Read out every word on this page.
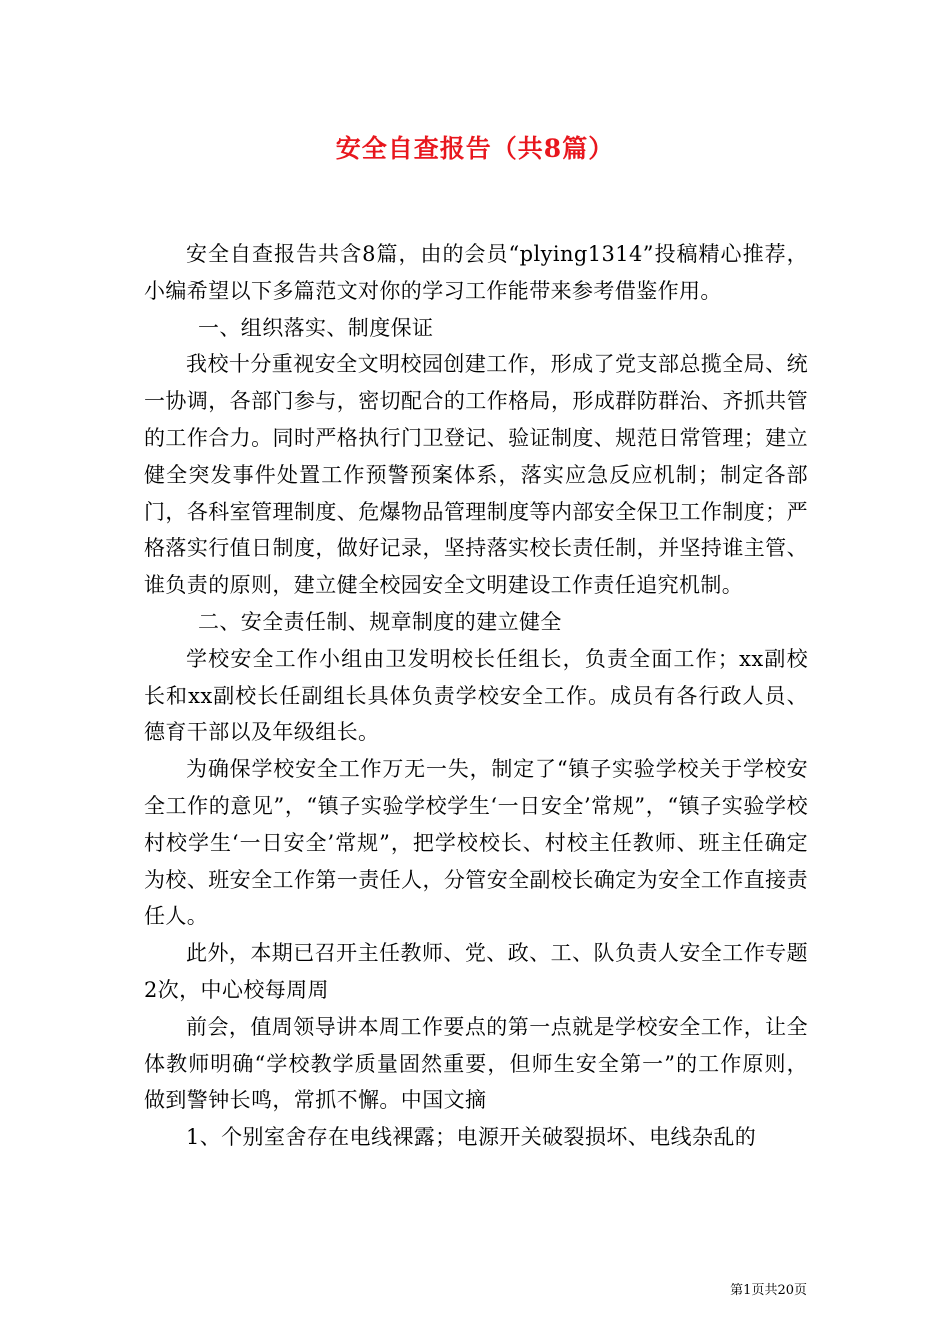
安全自查报告（共8篇）

安全自查报告共含8篇，由的会员“plying1314”投稿精心推荐，小编希望以下多篇范文对你的学习工作能带来参考借鉴作用。

一、组织落实、制度保证

我校十分重视安全文明校园创建工作，形成了党支部总揽全局、统一协调，各部门参与，密切配合的工作格局，形成群防群治、齐抓共管的工作合力。同时严格执行门卫登记、验证制度、规范日常管理；建立健全突发事件处置工作预警预案体系，落实应急反应机制；制定各部门，各科室管理制度、危爆物品管理制度等内部安全保卫工作制度；严格落实行值日制度，做好记录，坚持落实校长责任制，并坚持谁主管、谁负责的原则，建立健全校园安全文明建设工作责任追究机制。

二、安全责任制、规章制度的建立健全

学校安全工作小组由卫发明校长任组长，负责全面工作；xx副校长和xx副校长任副组长具体负责学校安全工作。成员有各行政人员、德育干部以及年级组长。

为确保学校安全工作万无一失，制定了“镇子实验学校关于学校安全工作的意见”，“镇子实验学校学生‘一日安全’常规”，“镇子实验学校村校学生‘一日安全’常规”，把学校校长、村校主任教师、班主任确定为校、班安全工作第一责任人，分管安全副校长确定为安全工作直接责任人。

此外，本期已召开主任教师、党、政、工、队负责人安全工作专题2次，中心校每周周

前会，值周领导讲本周工作要点的第一点就是学校安全工作，让全体教师明确“学校教学质量固然重要，但师生安全第一”的工作原则，做到警钟长鸣，常抓不懈。中国文摘

1、个别室舍存在电线裸露；电源开关破裂损坏、电线杂乱的

第1页共20页
